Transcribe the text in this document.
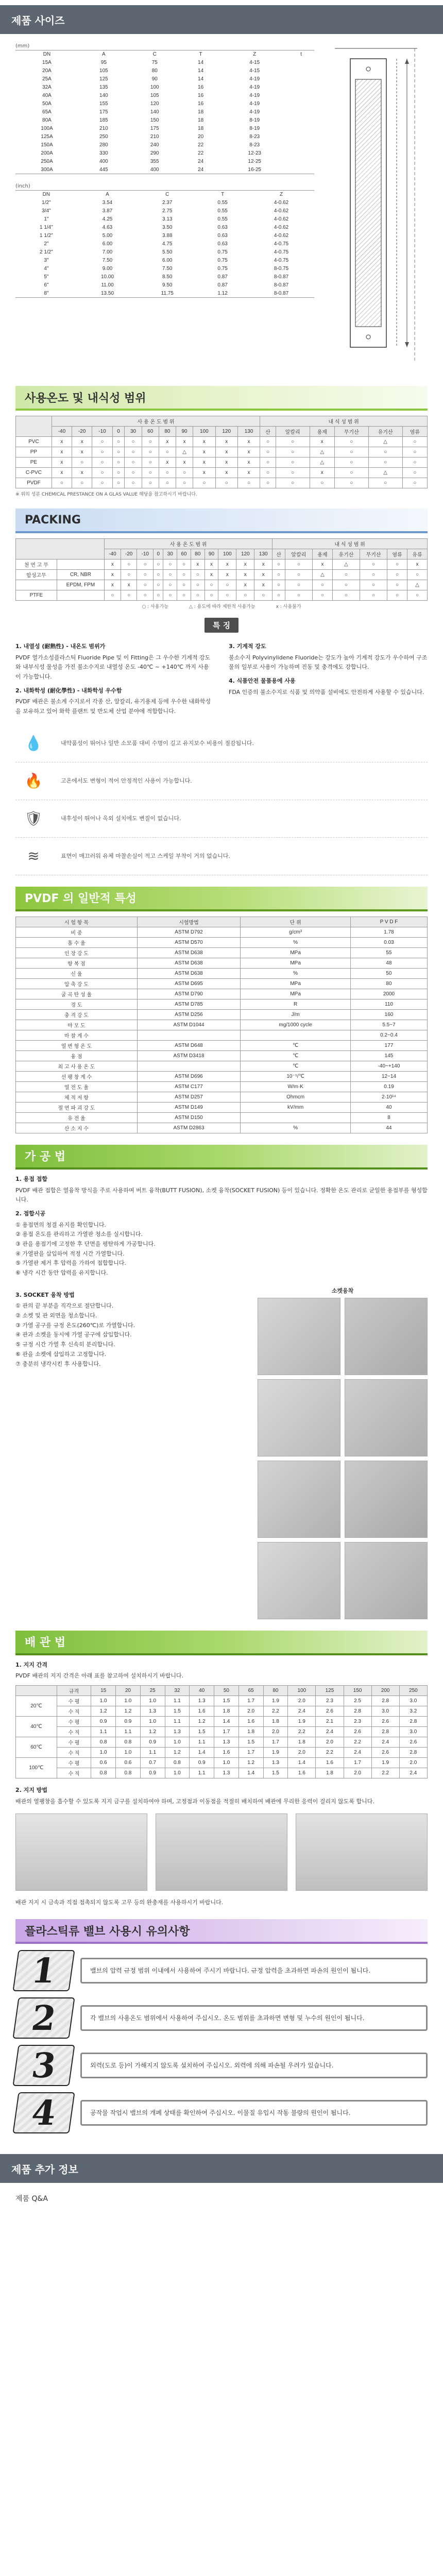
제품 사이즈
(mm)
DN	A	C	T	Z	t
15A	95	75	14	4-15	
20A	105	80	14	4-15	
25A	125	90	14	4-19	
32A	135	100	16	4-19	
40A	140	105	16	4-19	
50A	155	120	16	4-19	
65A	175	140	18	4-19	
80A	185	150	18	8-19	
100A	210	175	18	8-19	
125A	250	210	20	8-23	
150A	280	240	22	8-23	
200A	330	290	22	12-23	
250A	400	355	24	12-25	
300A	445	400	24	16-25	
(inch)
DN	A	C	T	Z
1/2"	3.54	2.37	0.55	4-0.62
3/4"	3.87	2.75	0.55	4-0.62
1"	4.25	3.13	0.55	4-0.62
1 1/4"	4.63	3.50	0.63	4-0.62
1 1/2"	5.00	3.88	0.63	4-0.62
2"	6.00	4.75	0.63	4-0.75
2 1/2"	7.00	5.50	0.75	4-0.75
3"	7.50	6.00	0.75	4-0.75
4"	9.00	7.50	0.75	8-0.75
5"	10.00	8.50	0.87	8-0.87
6"	11.00	9.50	0.87	8-0.87
8"	13.50	11.75	1.12	8-0.87
사용온도 및 내식성 범위
	사 용 온 도 범 위											내 식 성 범 위					
	-40	-20	-10	0	30	60	80	90	100	120	130	산	알칼리	용제	무기산	유기산	염류
PVC	x	x	○	○	○	○	x	x	x	x	x	○	○	x	○	△	○
PP	x	x	○	○	○	○	○	△	x	x	x	○	○	△	○	○	○
PE	x	○	○	○	○	○	x	x	x	x	x	○	○	△	○	○	○
C-PVC	x	x	○	○	○	○	○	○	x	x	x	○	○	x	○	△	○
PVDF	○	○	○	○	○	○	○	○	○	○	○	○	○	○	○	○	○
※ 위의 성분 CHEMICAL PRESTANCE ON A GLAS VALUE 해당을 참고하시기 바랍니다.
PACKING
		사 용 온 도 범 위											내 식 성 범 위						
		-40	-20	-10	0	30	60	80	90	100	120	130	산	알칼리	용제	유기산	무기산	염류	유류
천 연 고 무		x	○	○	○	○	○	x	x	x	x	x	○	○	x	△	○	○	x
합성고무	CR, NBR	x	○	○	○	○	○	○	x	x	x	x	○	○	△	○	○	○	○
	EPDM, FPM	x	x	○	○	○	○	○	○	○	x	x	○	○	○	○	○	○	△
PTFE		○	○	○	○	○	○	○	○	○	○	○	○	○	○	○	○	○	○
○ : 사용가능	△ : 용도에 따라 제한적 사용가능	x : 사용불가
특 징
1. 내열성 (耐熱性) - 내온도 범위가

PVDF 열가소성플라스틱 Fluoride Pipe 및 이 Fitting은 그 우수한 기계적 강도와 내부식성 물성을 가진 불소수지로 내열성 온도 -40℃ ~ +140℃ 까지 사용이 가능합니다.

2. 내화학성 (耐化學性) - 내화학성 우수함

PVDF 배관은 불소계 수지로서 각종 산, 알칼리, 유기용제 등에 우수한 내화학성을 보유하고 있어 화학 플랜트 및 반도체 산업 분야에 적합합니다.

3. 기계적 강도

불소수지 Polyvinylidene Fluoride는 강도가 높아 기계적 강도가 우수하여 구조물의 일부로 사용이 가능하며 진동 및 충격에도 강합니다.

4. 식품안전 물품용에 사용

FDA 인증의 불소수지로 식품 및 의약품 설비에도 안전하게 사용할 수 있습니다.

💧	내약품성이 뛰어나 일반 소모품 대비 수명이 길고 유지보수 비용이 절감됩니다.
🔥	고온에서도 변형이 적어 안정적인 사용이 가능합니다.
🛡	내후성이 뛰어나 옥외 설치에도 변질이 없습니다.
≋	표면이 매끄러워 유체 마찰손실이 적고 스케일 부착이 거의 없습니다.
PVDF 의 일반적 특성
시 험 항 목	시험방법	단 위	P V D F
비 중	ASTM D792	g/cm³	1.78
흡 수 율	ASTM D570	%	0.03
인 장 강 도	ASTM D638	MPa	55
항 복 점	ASTM D638	MPa	48
신 율	ASTM D638	%	50
압 축 강 도	ASTM D695	MPa	80
굴 곡 탄 성 율	ASTM D790	MPa	2000
경 도	ASTM D785	R	110
충 격 강 도	ASTM D256	J/m	160
마 모 도	ASTM D1044	mg/1000 cycle	5.5~7
마 찰 계 수			0.2~0.4
열 변 형 온 도	ASTM D648	℃	177
융 점	ASTM D3418	℃	145
최 고 사 용 온 도		℃	-40~+140
선 팽 창 계 수	ASTM D696	10⁻⁵/℃	12~14
열 전 도 율	ASTM C177	W/m·K	0.19
체 적 저 항	ASTM D257	Ohmcm	2·10¹⁴
절 연 파 괴 강 도	ASTM D149	kV/mm	40
유 전 율	ASTM D150		8
산 소 지 수	ASTM D2863	%	44
가 공 법
1. 용접 접합

PVDF 배관 접합은 열융착 방식을 주로 사용하며 버트 융착(BUTT FUSION), 소켓 융착(SOCKET FUSION) 등이 있습니다. 정확한 온도 관리로 균일한 용접부를 형성합니다.

2. 접합시공

① 용접면의 청결 유지를 확인합니다.

② 용접 온도를 관리하고 가열판 청소를 실시합니다.

③ 관을 용접기에 고정한 후 단면을 평탄하게 가공합니다.

④ 가열판을 삽입하여 적정 시간 가열합니다.

⑤ 가열판 제거 후 압력을 가하여 접합합니다.

⑥ 냉각 시간 동안 압력을 유지합니다.

3. SOCKET 융착 방법

① 관의 끝 부분을 직각으로 절단합니다.

② 소켓 및 관 외면을 청소합니다.

③ 가열 공구를 규정 온도(260℃)로 가열합니다.

④ 관과 소켓을 동시에 가열 공구에 삽입합니다.

⑤ 규정 시간 가열 후 신속히 분리합니다.

⑥ 관을 소켓에 삽입하고 고정합니다.

⑦ 충분히 냉각시킨 후 사용합니다.

소켓융착
배 관 법
1. 지지 간격

PVDF 배관의 지지 간격은 아래 표를 참고하여 설치하시기 바랍니다.

	규격	15	20	25	32	40	50	65	80	100	125	150	200	250
20℃	수 평	1.0	1.0	1.0	1.1	1.3	1.5	1.7	1.9	2.0	2.3	2.5	2.8	3.0
	수 직	1.2	1.2	1.3	1.5	1.6	1.8	2.0	2.2	2.4	2.6	2.8	3.0	3.2
40℃	수 평	0.9	0.9	1.0	1.1	1.2	1.4	1.6	1.8	1.9	2.1	2.3	2.6	2.8
	수 직	1.1	1.1	1.2	1.3	1.5	1.7	1.8	2.0	2.2	2.4	2.6	2.8	3.0
60℃	수 평	0.8	0.8	0.9	1.0	1.1	1.3	1.5	1.7	1.8	2.0	2.2	2.4	2.6
	수 직	1.0	1.0	1.1	1.2	1.4	1.6	1.7	1.9	2.0	2.2	2.4	2.6	2.8
100℃	수 평	0.6	0.6	0.7	0.8	0.9	1.0	1.2	1.3	1.4	1.6	1.7	1.9	2.0
	수 직	0.8	0.8	0.9	1.0	1.1	1.3	1.4	1.5	1.6	1.8	2.0	2.2	2.4
2. 지지 방법

배관의 열팽창을 흡수할 수 있도록 지지 금구를 설치하여야 하며, 고정점과 이동점을 적절히 배치하여 배관에 무리한 응력이 걸리지 않도록 합니다.

배관 지지 시 금속과 직접 접촉되지 않도록 고무 등의 완충재를 사용하시기 바랍니다.

플라스틱류 밸브 사용시 유의사항
1	밸브의 압력 규정 범위 이내에서 사용하여 주시기 바랍니다. 규정 압력을 초과하면 파손의 원인이 됩니다.
2	각 밸브의 사용온도 범위에서 사용하여 주십시오. 온도 범위를 초과하면 변형 및 누수의 원인이 됩니다.
3	외력(도로 등)이 가해지지 않도록 설치하여 주십시오. 외력에 의해 파손될 우려가 있습니다.
4	공작물 작업시 밸브의 개폐 상태를 확인하여 주십시오. 이물질 유입시 작동 불량의 원인이 됩니다.
제품 추가 정보
제품 Q&A
